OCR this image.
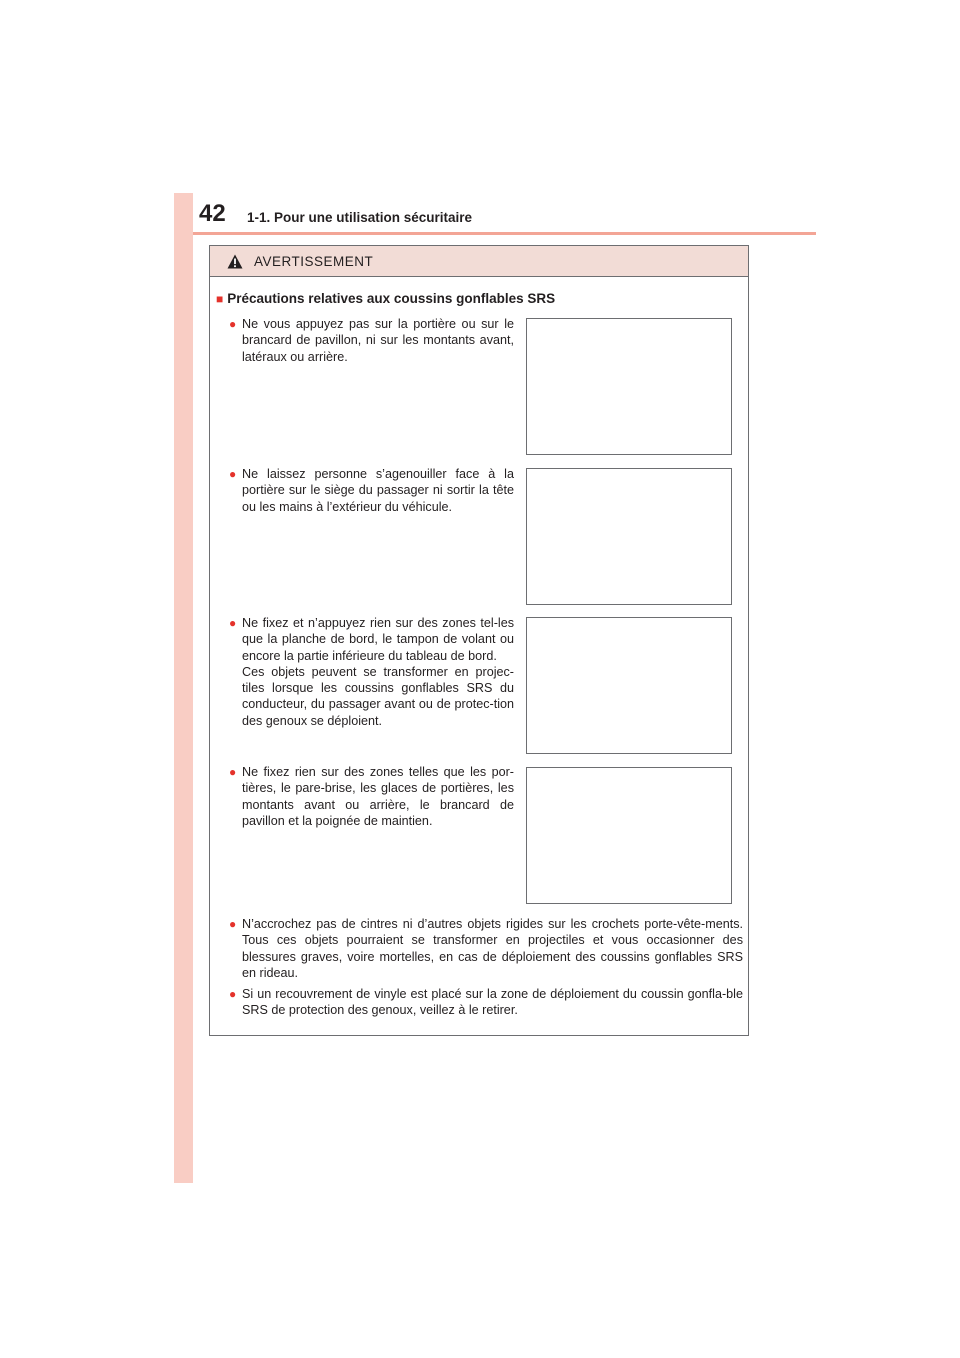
42 1-1. Pour une utilisation sécuritaire
AVERTISSEMENT
■ Précautions relatives aux coussins gonflables SRS
● Ne vous appuyez pas sur la portière ou sur le brancard de pavillon, ni sur les montants avant, latéraux ou arrière.

● Ne laissez personne s’agenouiller face à la portière sur le siège du passager ni sortir la tête ou les mains à l’extérieur du véhicule.

● Ne fixez et n’appuyez rien sur des zones tel-les que la planche de bord, le tampon de volant ou encore la partie inférieure du tableau de bord.

Ces objets peuvent se transformer en projec-tiles lorsque les coussins gonflables SRS du conducteur, du passager avant ou de protec-tion des genoux se déploient.

● Ne fixez rien sur des zones telles que les por-tières, le pare-brise, les glaces de portières, les montants avant ou arrière, le brancard de pavillon et la poignée de maintien.

● N’accrochez pas de cintres ni d’autres objets rigides sur les crochets porte-vête-ments. Tous ces objets pourraient se transformer en projectiles et vous occasionner des blessures graves, voire mortelles, en cas de déploiement des coussins gonflables SRS en rideau.

● Si un recouvrement de vinyle est placé sur la zone de déploiement du coussin gonfla-ble SRS de protection des genoux, veillez à le retirer.
